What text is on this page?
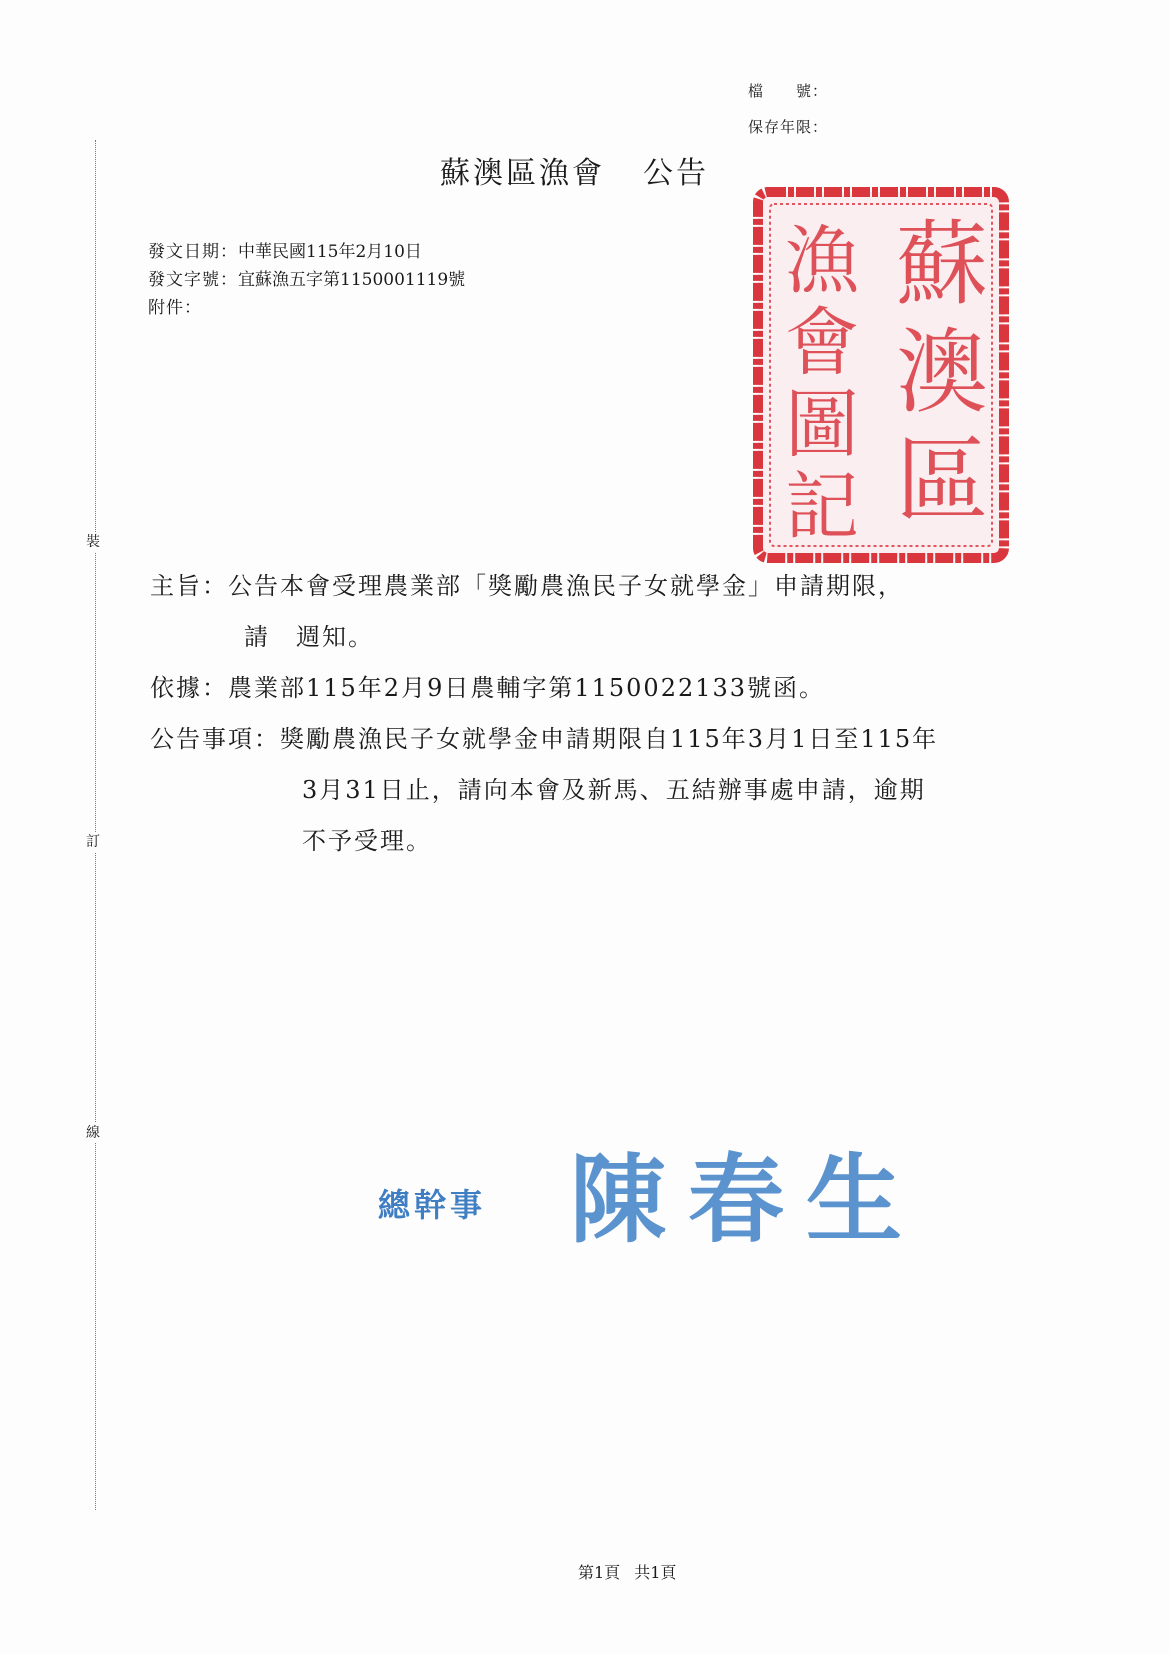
裝
訂
線
檔　　號：
保存年限：
蘇澳區漁會 公告
發文日期：中華民國115年2月10日
發文字號：宜蘇漁五字第1150001119號
附件：	蘇
澳
區
漁
會
圖
記
主旨：公告本會受理農業部「獎勵農漁民子女就學金」申請期限，
請　週知。
依據：農業部115年2月9日農輔字第1150022133號函。
公告事項：獎勵農漁民子女就學金申請期限自115年3月1日至115年
3月31日止，請向本會及新馬、五結辦事處申請，逾期
不予受理。
總幹事 陳春生
第1頁 共1頁
